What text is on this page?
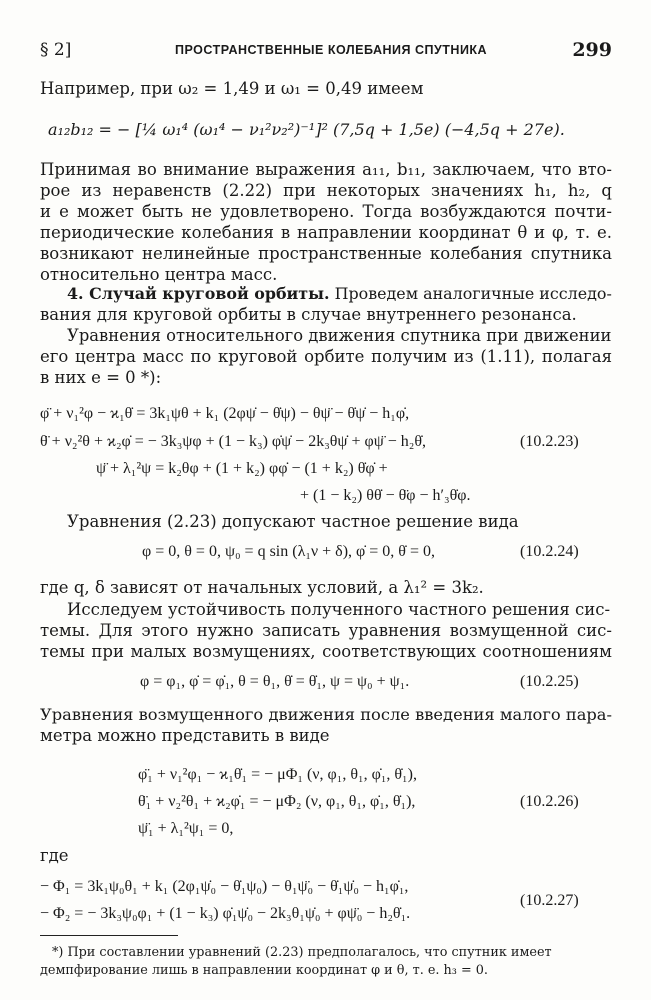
§ 2]	ПРОСТРАНСТВЕННЫЕ КОЛЕБАНИЯ СПУТНИКА	299
Например, при ω₂ = 1,49 и ω₁ = 0,49 имеем
a₁₂b₁₂ = − [¼ ω₁⁴ (ω₁⁴ − ν₁²ν₂²)⁻¹]² (7,5q + 1,5e) (−4,5q + 27e).
Принимая во внимание выражения a₁₁, b₁₁, заключаем, что вто-
рое из неравенств (2.22) при некоторых значениях h₁, h₂, q
и e может быть не удовлетворено. Тогда возбуждаются почти-
периодические колебания в направлении координат θ и φ, т. е.
возникают нелинейные пространственные колебания спутника
относительно центра масс.
4. Случай круговой орбиты. Проведем аналогичные исследо-
вания для круговой орбиты в случае внутреннего резонанса.
Уравнения относительного движения спутника при движении
его центра масс по круговой орбите получим из (1.11), полагая
в них e = 0 *):
φ̈ + ν₁²φ − ϰ₁θ̇ = 3k₁ψθ + k₁ (2φψ̇ − θ̇ψ) − θψ̈ − θ̇ψ̇ − h₁φ̇,
θ̈ + ν₂²θ + ϰ₂φ̇ = − 3k₃ψφ + (1 − k₃) φ̇ψ̇ − 2k₃θψ̇ + φψ̈ − h₂θ̇,	(10.2.23)
ψ̈ + λ₁²ψ = k₂θφ + (1 + k₂) φφ̇ − (1 + k₂) θ̇φ̇ +
+ (1 − k₂) θθ̇ − θ̈φ − h′₃θ̇φ.
Уравнения (2.23) допускают частное решение вида
φ = 0, θ = 0, ψ₀ = q sin (λ₁ν + δ), φ̇ = 0, θ̇ = 0,	(10.2.24)
где q, δ зависят от начальных условий, а λ₁² = 3k₂.
Исследуем устойчивость полученного частного решения сис-
темы. Для этого нужно записать уравнения возмущенной сис-
темы при малых возмущениях, соответствующих соотношениям
φ = φ₁, φ̇ = φ̇₁, θ = θ₁, θ̇ = θ̇₁, ψ = ψ₀ + ψ₁.	(10.2.25)
Уравнения возмущенного движения после введения малого пара-
метра можно представить в виде
φ̈₁ + ν₁²φ₁ − ϰ₁θ̇₁ = − μΦ₁ (ν, φ₁, θ₁, φ̇₁, θ̇₁),
θ̈₁ + ν₂²θ₁ + ϰ₂φ̇₁ = − μΦ₂ (ν, φ₁, θ₁, φ̇₁, θ̇₁),	(10.2.26)
ψ̈₁ + λ₁²ψ₁ = 0,
где
− Φ₁ = 3k₁ψ₀θ₁ + k₁ (2φ₁ψ̇₀ − θ̇₁ψ₀) − θ₁ψ̈₀ − θ̇₁ψ̇₀ − h₁φ̇₁,
− Φ₂ = − 3k₃ψ₀φ₁ + (1 − k₃) φ̇₁ψ̇₀ − 2k₃θ₁ψ̇₀ + φψ̈₀ − h₂θ̇₁.
(10.2.27)
*) При составлении уравнений (2.23) предполагалось, что спутник имеет
демпфирование лишь в направлении координат φ и θ, т. е. h₃ = 0.
